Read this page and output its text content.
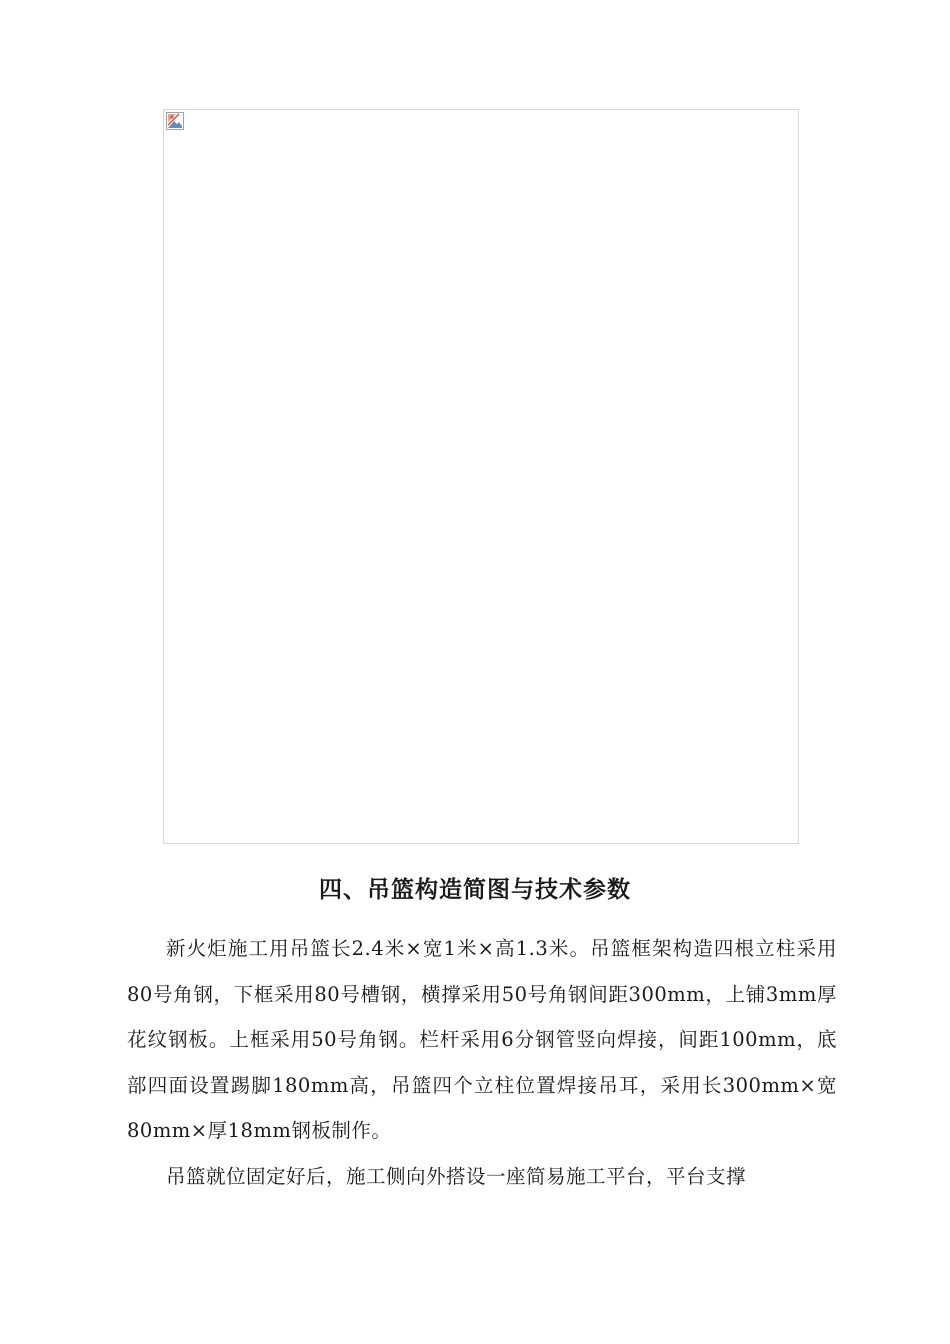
四、吊篮构造简图与技术参数

新火炬施工用吊篮长2.4米×宽1米×高1.3米。吊篮框架构造四根立柱采用80号角钢，下框采用80号槽钢，横撑采用50号角钢间距300mm，上铺3mm厚花纹钢板。上框采用50号角钢。栏杆采用6分钢管竖向焊接，间距100mm，底部四面设置踢脚180mm高，吊篮四个立柱位置焊接吊耳，采用长300mm×宽80mm×厚18mm钢板制作。

吊篮就位固定好后，施工侧向外搭设一座简易施工平台，平台支撑
